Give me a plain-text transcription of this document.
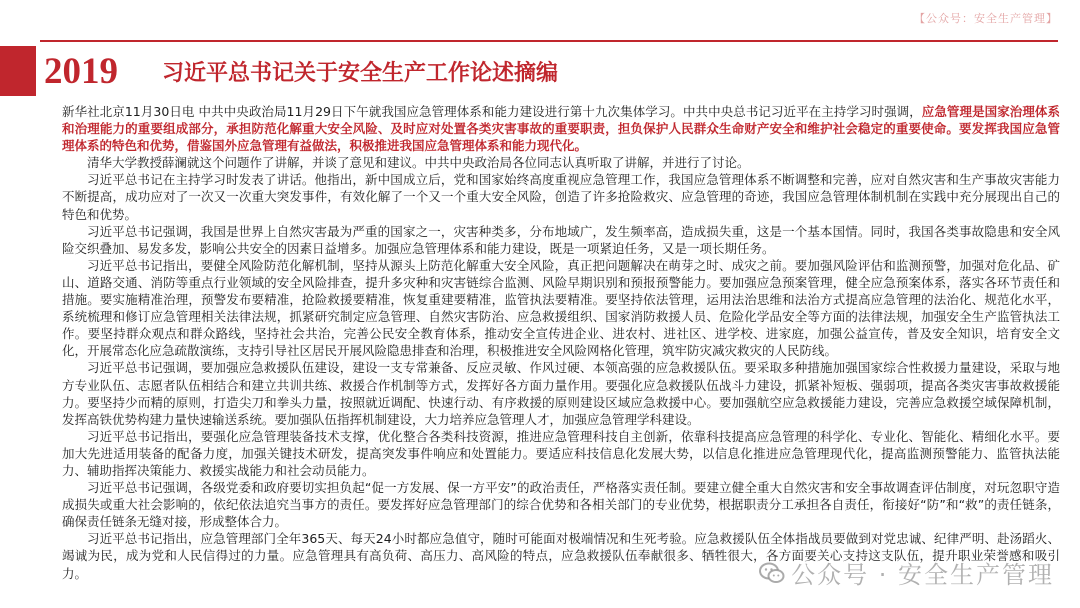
【公众号：安全生产管理】
2019 习近平总书记关于安全生产工作论述摘编

新华社北京11月30日电 中共中央政治局11月29日下午就我国应急管理体系和能力建设进行第十九次集体学习。中共中央总书记习近平在主持学习时强调，应急管理是国家治理体系和治理能力的重要组成部分，承担防范化解重大安全风险、及时应对处置各类灾害事故的重要职责，担负保护人民群众生命财产安全和维护社会稳定的重要使命。要发挥我国应急管理体系的特色和优势，借鉴国外应急管理有益做法，积极推进我国应急管理体系和能力现代化。

清华大学教授薛澜就这个问题作了讲解，并谈了意见和建议。中共中央政治局各位同志认真听取了讲解，并进行了讨论。

习近平总书记在主持学习时发表了讲话。他指出，新中国成立后，党和国家始终高度重视应急管理工作，我国应急管理体系不断调整和完善，应对自然灾害和生产事故灾害能力不断提高，成功应对了一次又一次重大突发事件，有效化解了一个又一个重大安全风险，创造了许多抢险救灾、应急管理的奇迹，我国应急管理体制机制在实践中充分展现出自己的特色和优势。

习近平总书记强调，我国是世界上自然灾害最为严重的国家之一，灾害种类多，分布地域广，发生频率高，造成损失重，这是一个基本国情。同时，我国各类事故隐患和安全风险交织叠加、易发多发，影响公共安全的因素日益增多。加强应急管理体系和能力建设，既是一项紧迫任务，又是一项长期任务。

习近平总书记指出，要健全风险防范化解机制，坚持从源头上防范化解重大安全风险，真正把问题解决在萌芽之时、成灾之前。要加强风险评估和监测预警，加强对危化品、矿山、道路交通、消防等重点行业领域的安全风险排查，提升多灾种和灾害链综合监测、风险早期识别和预报预警能力。要加强应急预案管理，健全应急预案体系，落实各环节责任和措施。要实施精准治理，预警发布要精准，抢险救援要精准，恢复重建要精准，监管执法要精准。要坚持依法管理，运用法治思维和法治方式提高应急管理的法治化、规范化水平，系统梳理和修订应急管理相关法律法规，抓紧研究制定应急管理、自然灾害防治、应急救援组织、国家消防救援人员、危险化学品安全等方面的法律法规，加强安全生产监管执法工作。要坚持群众观点和群众路线，坚持社会共治，完善公民安全教育体系，推动安全宣传进企业、进农村、进社区、进学校、进家庭，加强公益宣传，普及安全知识，培育安全文化，开展常态化应急疏散演练，支持引导社区居民开展风险隐患排查和治理，积极推进安全风险网格化管理，筑牢防灾减灾救灾的人民防线。

习近平总书记强调，要加强应急救援队伍建设，建设一支专常兼备、反应灵敏、作风过硬、本领高强的应急救援队伍。要采取多种措施加强国家综合性救援力量建设，采取与地方专业队伍、志愿者队伍相结合和建立共训共练、救援合作机制等方式，发挥好各方面力量作用。要强化应急救援队伍战斗力建设，抓紧补短板、强弱项，提高各类灾害事故救援能力。要坚持少而精的原则，打造尖刀和拳头力量，按照就近调配、快速行动、有序救援的原则建设区域应急救援中心。要加强航空应急救援能力建设，完善应急救援空域保障机制，发挥高铁优势构建力量快速输送系统。要加强队伍指挥机制建设，大力培养应急管理人才，加强应急管理学科建设。

习近平总书记指出，要强化应急管理装备技术支撑，优化整合各类科技资源，推进应急管理科技自主创新，依靠科技提高应急管理的科学化、专业化、智能化、精细化水平。要加大先进适用装备的配备力度，加强关键技术研发，提高突发事件响应和处置能力。要适应科技信息化发展大势，以信息化推进应急管理现代化，提高监测预警能力、监管执法能力、辅助指挥决策能力、救援实战能力和社会动员能力。

习近平总书记强调，各级党委和政府要切实担负起“促一方发展、保一方平安”的政治责任，严格落实责任制。要建立健全重大自然灾害和安全事故调查评估制度，对玩忽职守造成损失或重大社会影响的，依纪依法追究当事方的责任。要发挥好应急管理部门的综合优势和各相关部门的专业优势，根据职责分工承担各自责任，衔接好“防”和“救”的责任链条，确保责任链条无缝对接，形成整体合力。

习近平总书记指出，应急管理部门全年365天、每天24小时都应急值守，随时可能面对极端情况和生死考验。应急救援队伍全体指战员要做到对党忠诚、纪律严明、赴汤蹈火、竭诚为民，成为党和人民信得过的力量。应急管理具有高负荷、高压力、高风险的特点，应急救援队伍奉献很多、牺牲很大，各方面要关心支持这支队伍，提升职业荣誉感和吸引力。	公众号 · 安全生产管理
